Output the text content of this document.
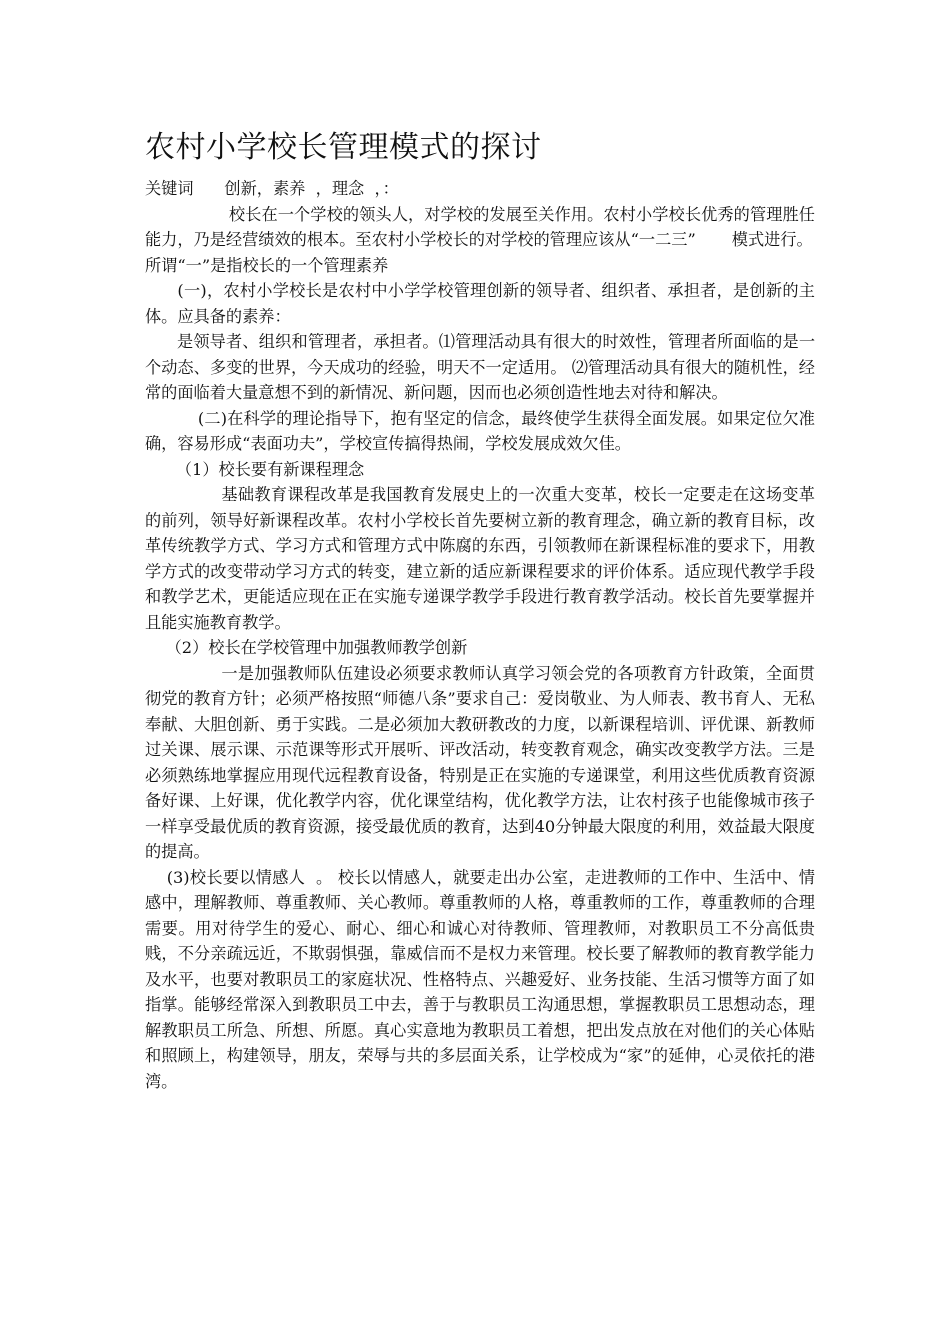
农村小学校长管理模式的探讨

关键词      创新，素养  ，理念  ，：

校长在一个学校的领头人，对学校的发展至关作用。农村小学校长优秀的管理胜任能力，乃是经营绩效的根本。至农村小学校长的对学校的管理应该从“一二三”       模式进行。

所谓“一”是指校长的一个管理素养

(一)，农村小学校长是农村中小学学校管理创新的领导者、组织者、承担者，是创新的主体。应具备的素养：

是领导者、组织和管理者，承担者。⑴管理活动具有很大的时效性，管理者所面临的是一个动态、多变的世界，今天成功的经验，明天不一定适用。 ⑵管理活动具有很大的随机性，经常的面临着大量意想不到的新情况、新问题，因而也必须创造性地去对待和解决。

(二)在科学的理论指导下，抱有坚定的信念，最终使学生获得全面发展。如果定位欠准确，容易形成“表面功夫”，学校宣传搞得热闹，学校发展成效欠佳。

（1）校长要有新课程理念

基础教育课程改革是我国教育发展史上的一次重大变革，校长一定要走在这场变革的前列，领导好新课程改革。农村小学校长首先要树立新的教育理念，确立新的教育目标，改革传统教学方式、学习方式和管理方式中陈腐的东西，引领教师在新课程标准的要求下，用教学方式的改变带动学习方式的转变，建立新的适应新课程要求的评价体系。适应现代教学手段和教学艺术，更能适应现在正在实施专递课学教学手段进行教育教学活动。校长首先要掌握并且能实施教育教学。

（2）校长在学校管理中加强教师教学创新

一是加强教师队伍建设必须要求教师认真学习领会党的各项教育方针政策，全面贯彻党的教育方针；必须严格按照“师德八条”要求自己：爱岗敬业、为人师表、教书育人、无私奉献、大胆创新、勇于实践。二是必须加大教研教改的力度，以新课程培训、评优课、新教师过关课、展示课、示范课等形式开展听、评改活动，转变教育观念，确实改变教学方法。三是必须熟练地掌握应用现代远程教育设备，特别是正在实施的专递课堂，利用这些优质教育资源备好课、上好课，优化教学内容，优化课堂结构，优化教学方法，让农村孩子也能像城市孩子一样享受最优质的教育资源，接受最优质的教育，达到40分钟最大限度的利用，效益最大限度的提高。

(3)校长要以情感人  。 校长以情感人，就要走出办公室，走进教师的工作中、生活中、情感中，理解教师、尊重教师、关心教师。尊重教师的人格，尊重教师的工作，尊重教师的合理需要。用对待学生的爱心、耐心、细心和诚心对待教师、管理教师，对教职员工不分高低贵贱，不分亲疏远近，不欺弱惧强，靠威信而不是权力来管理。校长要了解教师的教育教学能力及水平，也要对教职员工的家庭状况、性格特点、兴趣爱好、业务技能、生活习惯等方面了如指掌。能够经常深入到教职员工中去，善于与教职员工沟通思想，掌握教职员工思想动态，理解教职员工所急、所想、所愿。真心实意地为教职员工着想，把出发点放在对他们的关心体贴和照顾上，构建领导，朋友，荣辱与共的多层面关系，让学校成为“家”的延伸，心灵依托的港湾。
